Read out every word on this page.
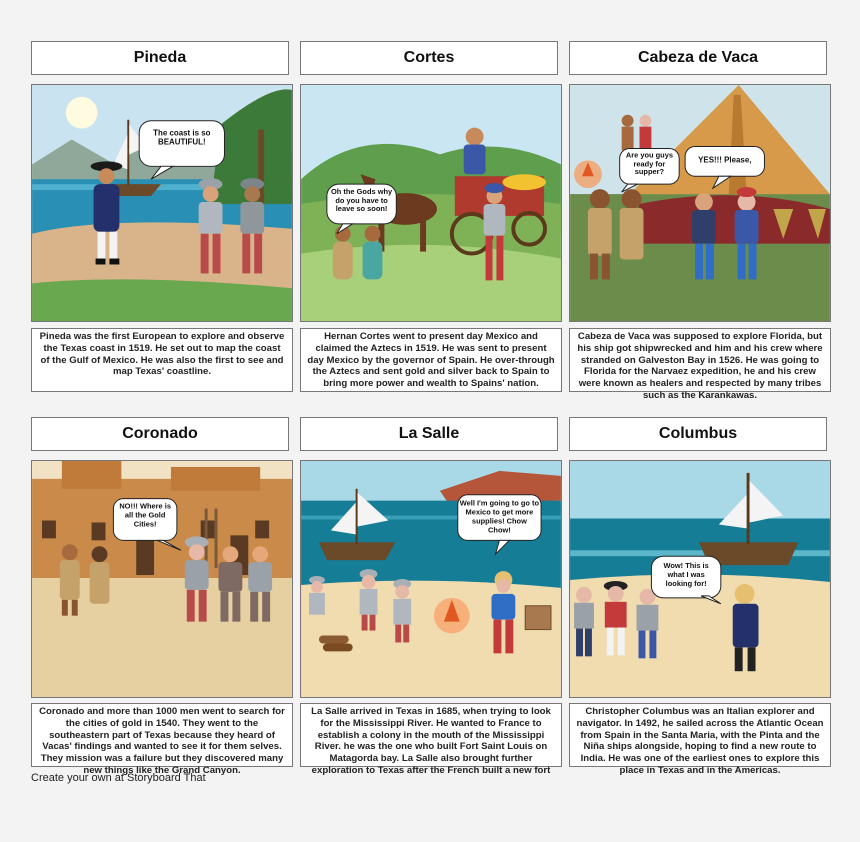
Pineda	Cortes	Cabeza de Vaca
The coast is so BEAUTIFUL!
Oh the Gods why do you have to leave so soon!
Are you guys ready for supper?
YES!!! Please,
Pineda was the first European to explore and observe the Texas coast in 1519. He set out to map the coast of the Gulf of Mexico. He was also the first to see and map Texas' coastline.
Hernan Cortes went to present day Mexico and claimed the Aztecs in 1519. He was sent to present day Mexico by the governor of Spain. He over-through the Aztecs and sent gold and silver back to Spain to bring more power and wealth to Spains' nation.
Cabeza de Vaca was supposed to explore Florida, but his ship got shipwrecked and him and his crew where stranded on Galveston Bay in 1526. He was going to Florida for the Narvaez expedition, he and his crew were known as healers and respected by many tribes such as the Karankawas.
Coronado	La Salle	Columbus
NO!!! Where is all the Gold Cities!
Well I'm going to go to Mexico to get more supplies! Chow Chow!
Wow! This is what I was looking for!
Coronado and more than 1000 men went to search for the cities of gold in 1540. They went to the southeastern part of Texas because they heard of Vacas' findings and wanted to see it for them selves. They mission was a failure but they discovered many new things like the Grand Canyon.
La Salle arrived in Texas in 1685, when trying to look for the Mississippi River. He wanted to France to establish a colony in the mouth of the Mississippi River. he was the one who built Fort Saint Louis on Matagorda bay. La Salle also brought further exploration to Texas after the French built a new fort
Christopher Columbus was an Italian explorer and navigator. In 1492, he sailed across the Atlantic Ocean from Spain in the Santa Maria, with the Pinta and the Niña ships alongside, hoping to find a new route to India. He was one of the earliest ones to explore this place in Texas and in the Americas.
Create your own at Storyboard That
